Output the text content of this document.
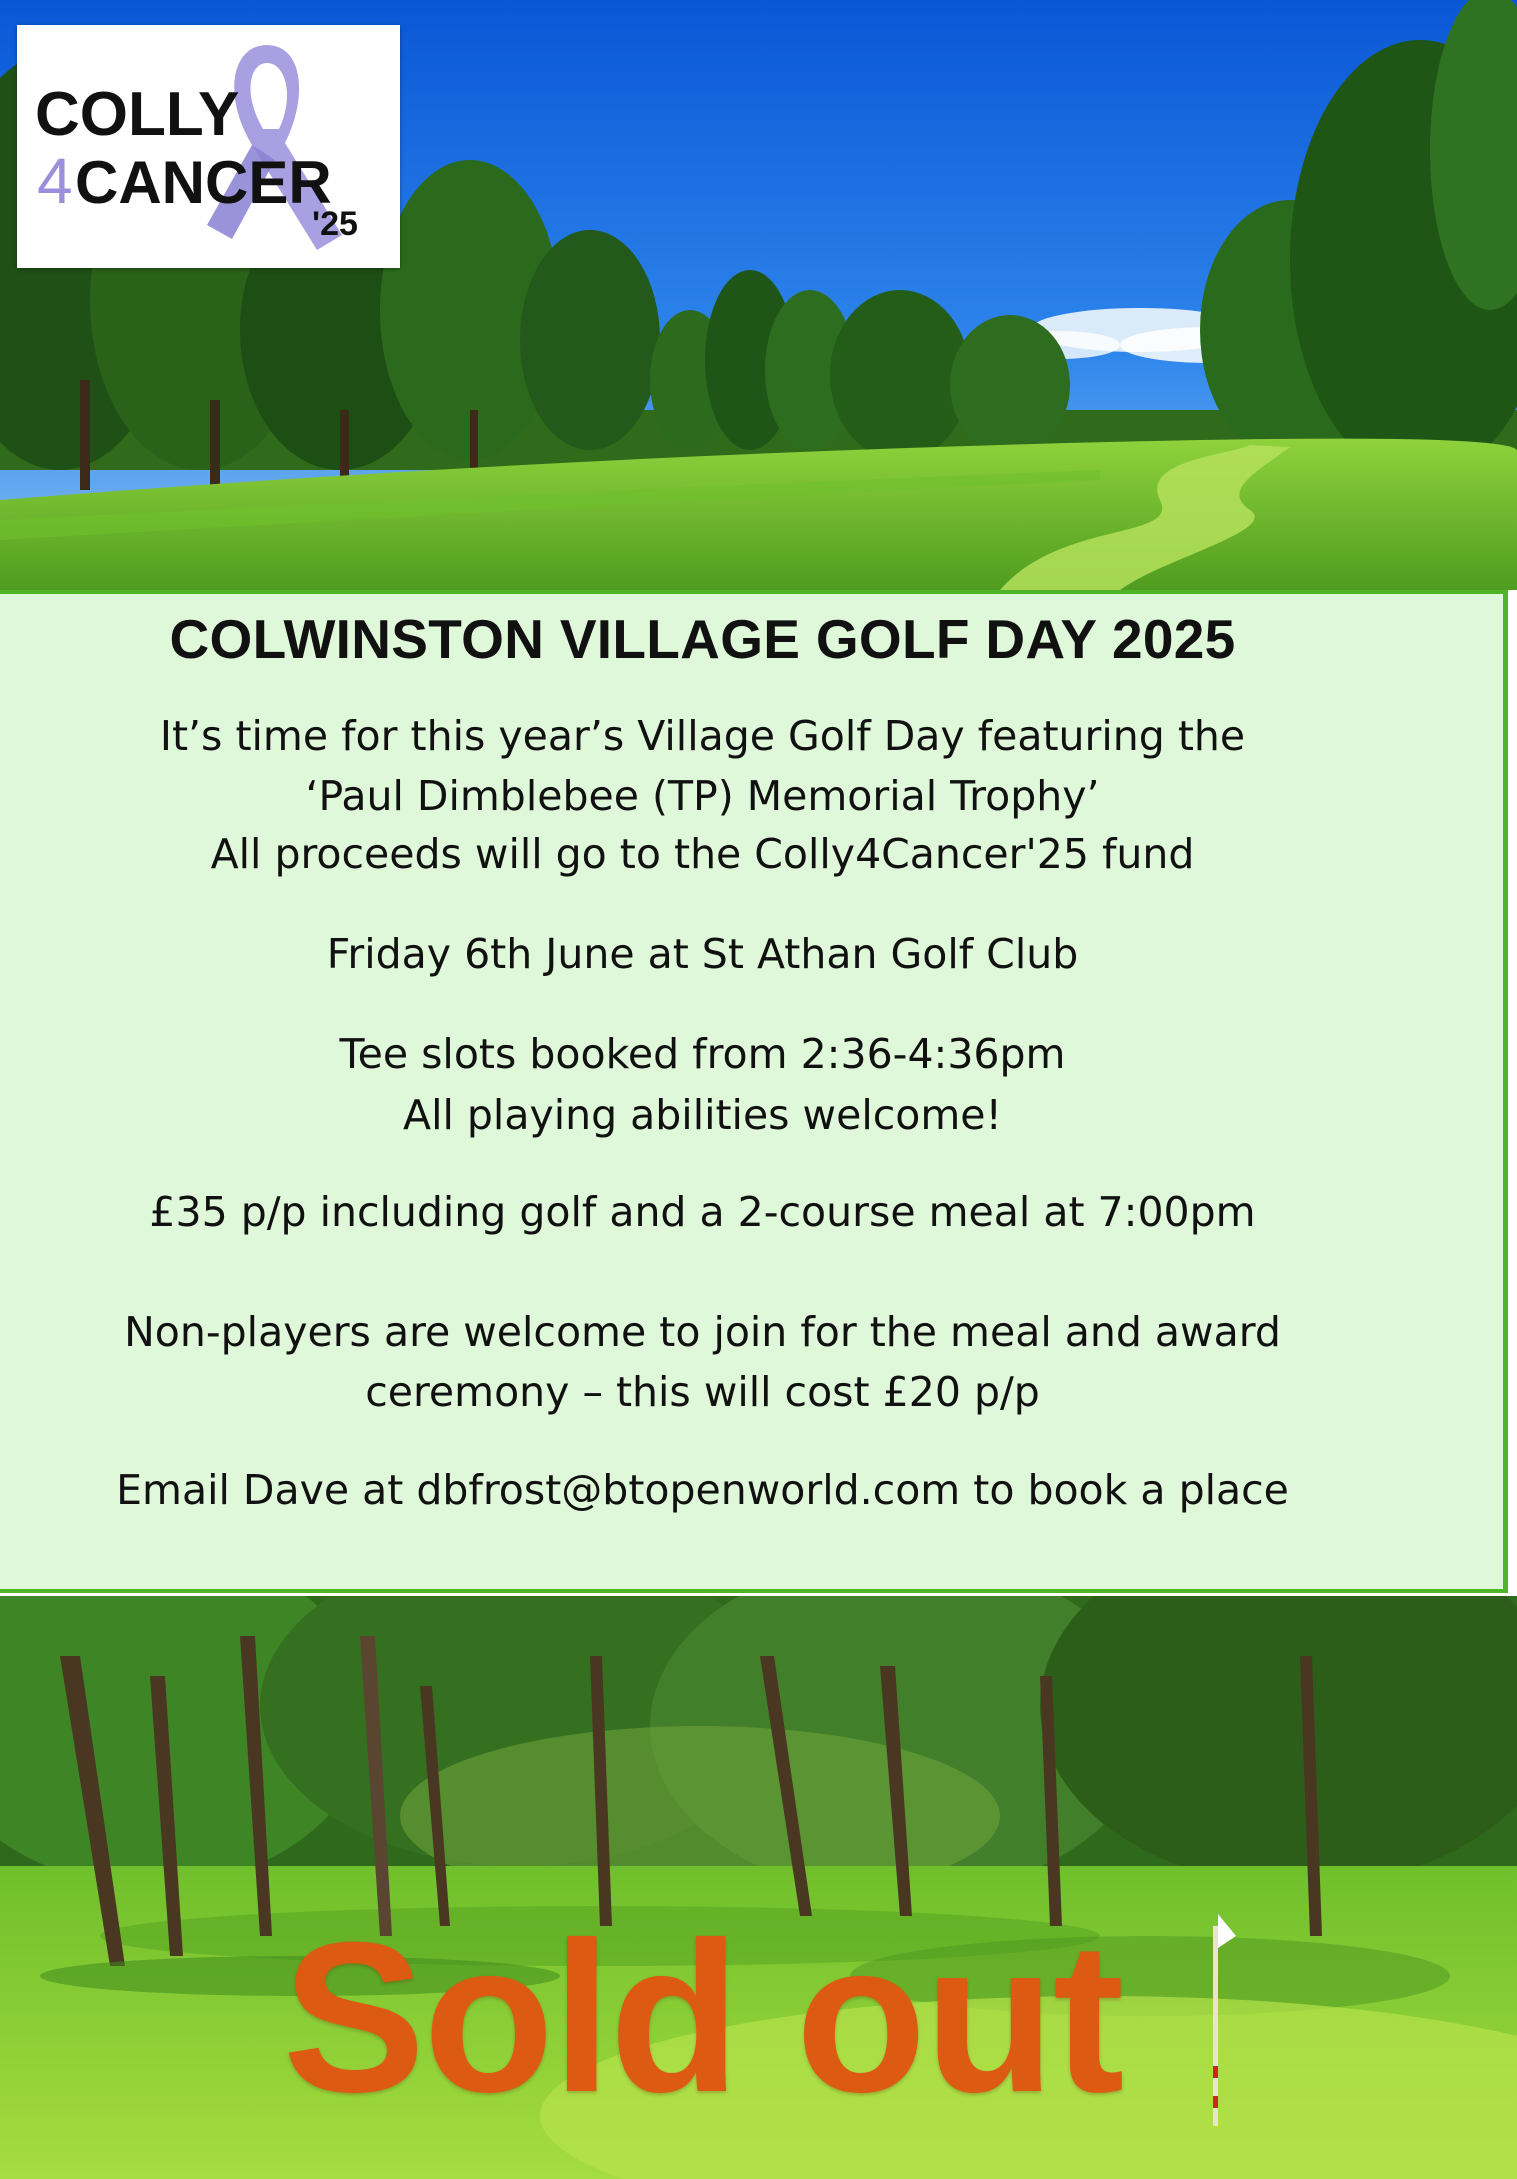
COLLY
4 CANCER
'25
COLWINSTON VILLAGE GOLF DAY 2025
It’s time for this year’s Village Golf Day featuring the
‘Paul Dimblebee (TP) Memorial Trophy’
All proceeds will go to the Colly4Cancer'25 fund
Friday 6th June at St Athan Golf Club
Tee slots booked from 2:36-4:36pm
All playing abilities welcome!
£35 p/p including golf and a 2-course meal at 7:00pm
Non-players are welcome to join for the meal and award
ceremony – this will cost £20 p/p
Email Dave at dbfrost@btopenworld.com to book a place
Sold out
